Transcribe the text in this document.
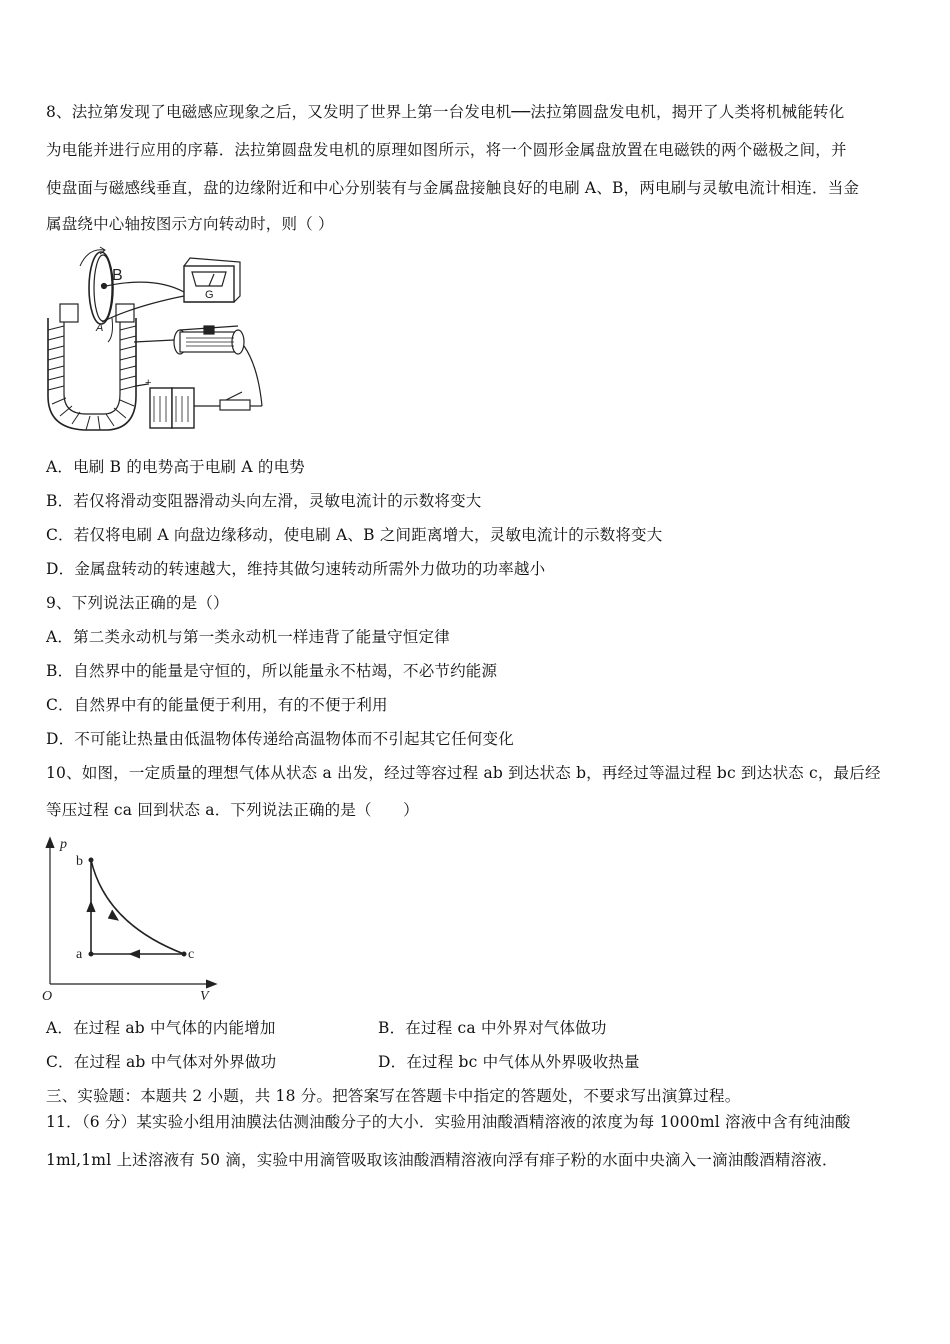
8、法拉第发现了电磁感应现象之后，又发明了世界上第一台发电机──法拉第圆盘发电机，揭开了人类将机械能转化
为电能并进行应用的序幕．法拉第圆盘发电机的原理如图所示，将一个圆形金属盘放置在电磁铁的两个磁极之间，并
使盘面与磁感线垂直，盘的边缘附近和中心分别装有与金属盘接触良好的电刷 A、B，两电刷与灵敏电流计相连．当金
属盘绕中心轴按图示方向转动时，则（ ）
B
A
G
+
A．电刷 B 的电势高于电刷 A 的电势
B．若仅将滑动变阻器滑动头向左滑，灵敏电流计的示数将变大
C．若仅将电刷 A 向盘边缘移动，使电刷 A、B 之间距离增大，灵敏电流计的示数将变大
D．金属盘转动的转速越大，维持其做匀速转动所需外力做功的功率越小
9、下列说法正确的是（）
A．第二类永动机与第一类永动机一样违背了能量守恒定律
B．自然界中的能量是守恒的，所以能量永不枯竭，不必节约能源
C．自然界中有的能量便于利用，有的不便于利用
D．不可能让热量由低温物体传递给高温物体而不引起其它任何变化
10、如图，一定质量的理想气体从状态 a 出发，经过等容过程 ab 到达状态 b，再经过等温过程 bc 到达状态 c，最后经
等压过程 ca 回到状态 a．下列说法正确的是（　　）
p
V
O
a
b
c
A．在过程 ab 中气体的内能增加	B．在过程 ca 中外界对气体做功
C．在过程 ab 中气体对外界做功	D．在过程 bc 中气体从外界吸收热量
三、实验题：本题共 2 小题，共 18 分。把答案写在答题卡中指定的答题处，不要求写出演算过程。
11．（6 分）某实验小组用油膜法估测油酸分子的大小．实验用油酸酒精溶液的浓度为每 1000ml 溶液中含有纯油酸
1ml,1ml 上述溶液有 50 滴，实验中用滴管吸取该油酸酒精溶液向浮有痱子粉的水面中央滴入一滴油酸酒精溶液．
